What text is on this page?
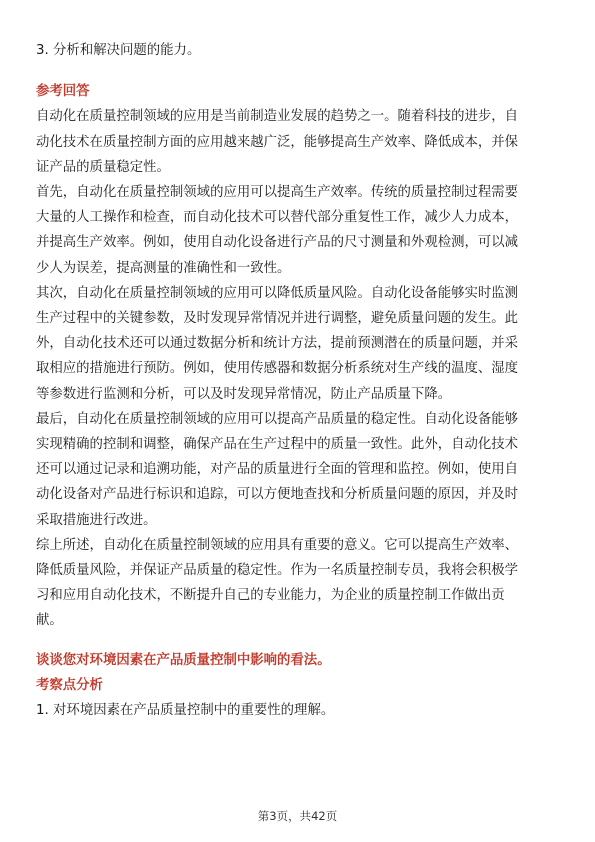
3. 分析和解决问题的能力。

参考回答

自动化在质量控制领域的应用是当前制造业发展的趋势之一。随着科技的进步，自

动化技术在质量控制方面的应用越来越广泛，能够提高生产效率、降低成本，并保

证产品的质量稳定性。

首先，自动化在质量控制领域的应用可以提高生产效率。传统的质量控制过程需要

大量的人工操作和检查，而自动化技术可以替代部分重复性工作，减少人力成本，

并提高生产效率。例如，使用自动化设备进行产品的尺寸测量和外观检测，可以减

少人为误差，提高测量的准确性和一致性。

其次，自动化在质量控制领域的应用可以降低质量风险。自动化设备能够实时监测

生产过程中的关键参数，及时发现异常情况并进行调整，避免质量问题的发生。此

外，自动化技术还可以通过数据分析和统计方法，提前预测潜在的质量问题，并采

取相应的措施进行预防。例如，使用传感器和数据分析系统对生产线的温度、湿度

等参数进行监测和分析，可以及时发现异常情况，防止产品质量下降。

最后，自动化在质量控制领域的应用可以提高产品质量的稳定性。自动化设备能够

实现精确的控制和调整，确保产品在生产过程中的质量一致性。此外，自动化技术

还可以通过记录和追溯功能，对产品的质量进行全面的管理和监控。例如，使用自

动化设备对产品进行标识和追踪，可以方便地查找和分析质量问题的原因，并及时

采取措施进行改进。

综上所述，自动化在质量控制领域的应用具有重要的意义。它可以提高生产效率、

降低质量风险，并保证产品质量的稳定性。作为一名质量控制专员，我将会积极学

习和应用自动化技术，不断提升自己的专业能力，为企业的质量控制工作做出贡

献。

谈谈您对环境因素在产品质量控制中影响的看法。

考察点分析

1. 对环境因素在产品质量控制中的重要性的理解。

第3页，共42页
